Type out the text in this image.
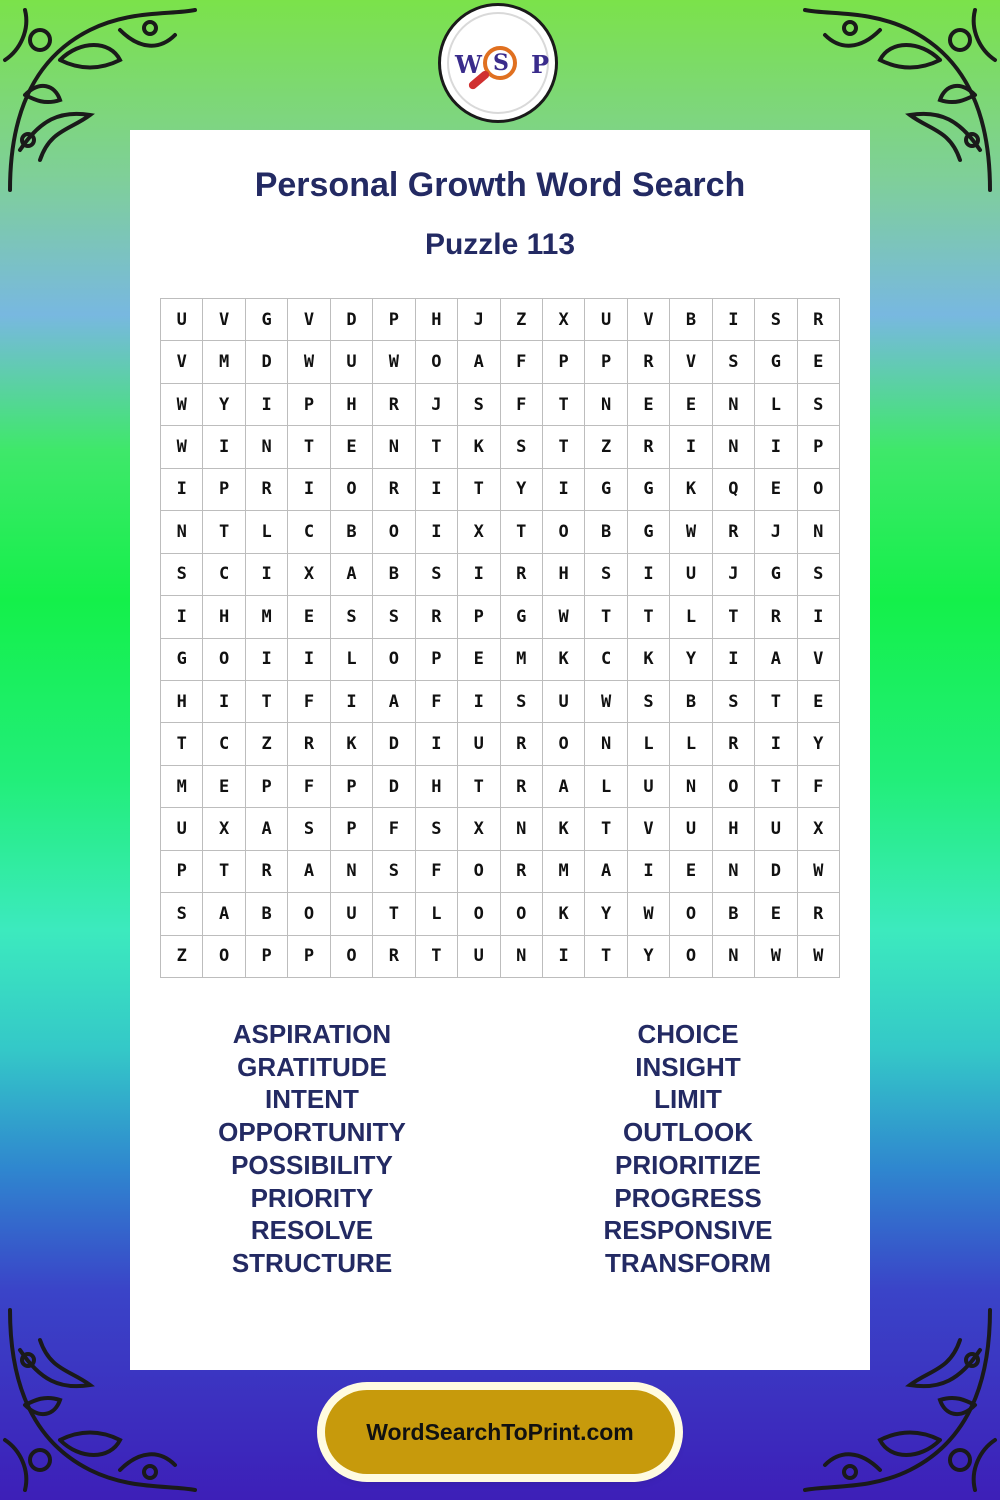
W S P
Personal Growth Word Search
Puzzle 113
U	V	G	V	D	P	H	J	Z	X	U	V	B	I	S	R
V	M	D	W	U	W	O	A	F	P	P	R	V	S	G	E
W	Y	I	P	H	R	J	S	F	T	N	E	E	N	L	S
W	I	N	T	E	N	T	K	S	T	Z	R	I	N	I	P
I	P	R	I	O	R	I	T	Y	I	G	G	K	Q	E	O
N	T	L	C	B	O	I	X	T	O	B	G	W	R	J	N
S	C	I	X	A	B	S	I	R	H	S	I	U	J	G	S
I	H	M	E	S	S	R	P	G	W	T	T	L	T	R	I
G	O	I	I	L	O	P	E	M	K	C	K	Y	I	A	V
H	I	T	F	I	A	F	I	S	U	W	S	B	S	T	E
T	C	Z	R	K	D	I	U	R	O	N	L	L	R	I	Y
M	E	P	F	P	D	H	T	R	A	L	U	N	O	T	F
U	X	A	S	P	F	S	X	N	K	T	V	U	H	U	X
P	T	R	A	N	S	F	O	R	M	A	I	E	N	D	W
S	A	B	O	U	T	L	O	O	K	Y	W	O	B	E	R
Z	O	P	P	O	R	T	U	N	I	T	Y	O	N	W	W
ASPIRATION
GRATITUDE
INTENT
OPPORTUNITY
POSSIBILITY
PRIORITY
RESOLVE
STRUCTURE
CHOICE
INSIGHT
LIMIT
OUTLOOK
PRIORITIZE
PROGRESS
RESPONSIVE
TRANSFORM
WordSearchToPrint.com
